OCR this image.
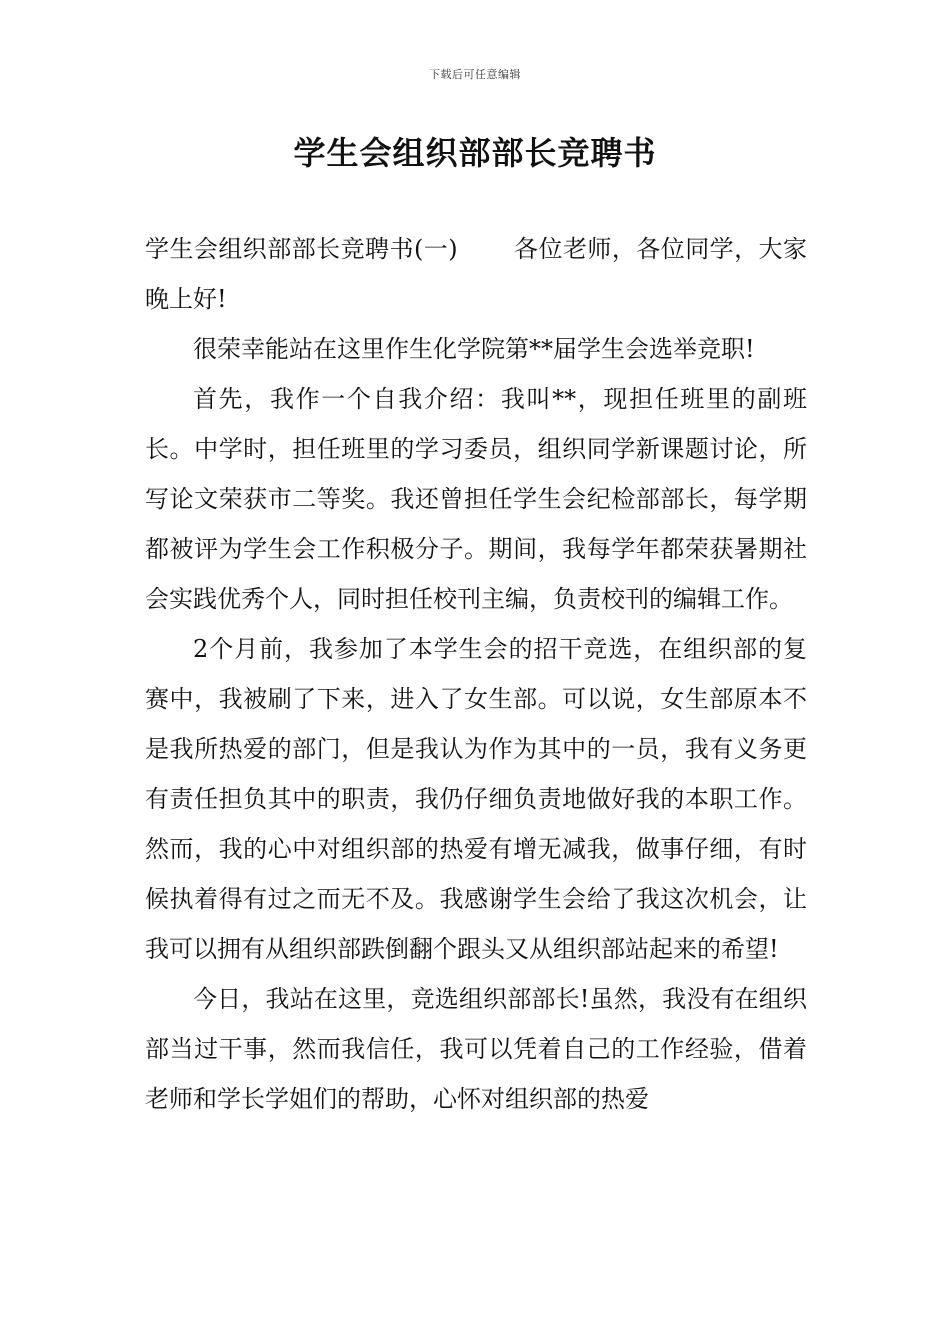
下载后可任意编辑
学生会组织部部长竞聘书

学生会组织部部长竞聘书(一) 各位老师，各位同学，大家晚上好!

很荣幸能站在这里作生化学院第**届学生会选举竞职!

首先，我作一个自我介绍：我叫**，现担任班里的副班长。中学时，担任班里的学习委员，组织同学新课题讨论，所写论文荣获市二等奖。我还曾担任学生会纪检部部长，每学期都被评为学生会工作积极分子。期间，我每学年都荣获暑期社会实践优秀个人，同时担任校刊主编，负责校刊的编辑工作。

2个月前，我参加了本学生会的招干竞选，在组织部的复赛中，我被刷了下来，进入了女生部。可以说，女生部原本不是我所热爱的部门，但是我认为作为其中的一员，我有义务更有责任担负其中的职责，我仍仔细负责地做好我的本职工作。然而，我的心中对组织部的热爱有增无减我，做事仔细，有时候执着得有过之而无不及。我感谢学生会给了我这次机会，让我可以拥有从组织部跌倒翻个跟头又从组织部站起来的希望!

今日，我站在这里，竞选组织部部长!虽然，我没有在组织部当过干事，然而我信任，我可以凭着自己的工作经验，借着老师和学长学姐们的帮助，心怀对组织部的热爱
